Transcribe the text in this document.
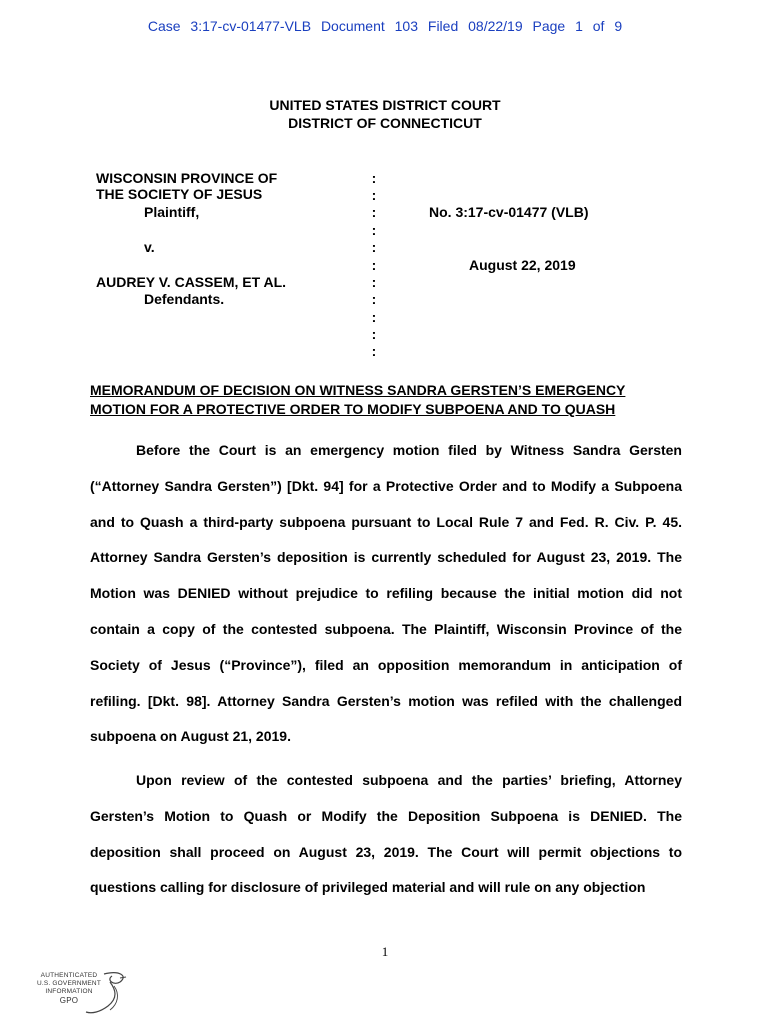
Case 3:17-cv-01477-VLB Document 103 Filed 08/22/19 Page 1 of 9
UNITED STATES DISTRICT COURT
DISTRICT OF CONNECTICUT
WISCONSIN PROVINCE OF
THE SOCIETY OF JESUS
Plaintiff,
v.
AUDREY V. CASSEM, ET AL.
Defendants.
:
:
:
:
:
:
:
:
:
:
:
No. 3:17-cv-01477 (VLB)
August 22, 2019
MEMORANDUM OF DECISION ON WITNESS SANDRA GERSTEN’S EMERGENCY MOTION FOR A PROTECTIVE ORDER TO MODIFY SUBPOENA AND TO QUASH

Before the Court is an emergency motion filed by Witness Sandra Gersten (“Attorney Sandra Gersten”) [Dkt. 94] for a Protective Order and to Modify a Subpoena and to Quash a third-party subpoena pursuant to Local Rule 7 and Fed. R. Civ. P. 45. Attorney Sandra Gersten’s deposition is currently scheduled for August 23, 2019. The Motion was DENIED without prejudice to refiling because the initial motion did not contain a copy of the contested subpoena. The Plaintiff, Wisconsin Province of the Society of Jesus (“Province”), filed an opposition memorandum in anticipation of refiling. [Dkt. 98]. Attorney Sandra Gersten’s motion was refiled with the challenged subpoena on August 21, 2019.

Upon review of the contested subpoena and the parties’ briefing, Attorney Gersten’s Motion to Quash or Modify the Deposition Subpoena is DENIED. The deposition shall proceed on August 23, 2019. The Court will permit objections to questions calling for disclosure of privileged material and will rule on any objection

1
AUTHENTICATED
U.S. GOVERNMENT
INFORMATION
GPO
